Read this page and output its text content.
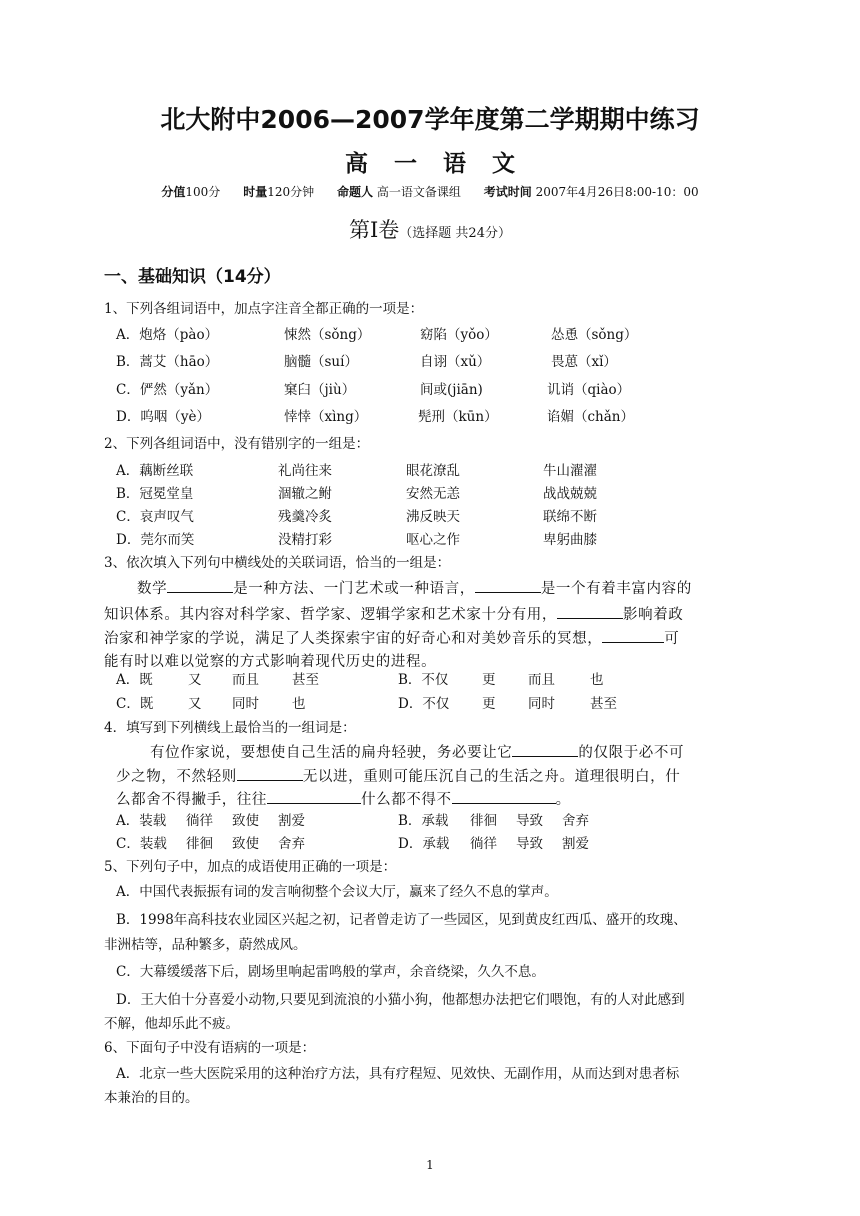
北大附中2006—2007学年度第二学期期中练习
高一语文
分值100分 时量120分钟 命题人 高一语文备课组 考试时间 2007年4月26日8:00-10：00
第Ⅰ卷（选择题 共24分）
一、基础知识（14分）
1、下列各组词语中，加点字注音全都正确的一项是：
A．炮烙（pào）	悚然（sǒng）	窈陷（yǒo）	怂恿（sǒng）
B．蒿艾（hāo）	脑髓（suí）	自诩（xǔ）	畏葸（xǐ）
C．俨然（yǎn）	窠臼（jiù）	间或(jiān)	讥诮（qiào）
D．呜咽（yè）	悻悻（xìng）	髡刑（kūn）	谄媚（chǎn）
2、下列各组词语中，没有错别字的一组是：
A．藕断丝联	礼尚往来	眼花潦乱	牛山濯濯
B．冠冕堂皇	涸辙之鲋	安然无恙	战战兢兢
C．哀声叹气	残羹冷炙	沸反映天	联绵不断
D．莞尔而笑	没精打彩	呕心之作	卑躬曲膝
3、依次填入下列句中横线处的关联词语，恰当的一组是：
数学	是一种方法、一门艺术或一种语言，	是一个有着丰富内容的
知识体系。其内容对科学家、哲学家、逻辑学家和艺术家十分有用，	影响着政
治家和神学家的学说，满足了人类探索宇宙的好奇心和对美妙音乐的冥想，	可
能有时以难以觉察的方式影响着现代历史的进程。
A．既	又 而且 甚至	B．不仅 更 而且	也
C．既	又 同时 也	D．不仅 更 同时	甚至
4．填写到下列横线上最恰当的一组词是：
有位作家说，要想使自己生活的扁舟轻驶，务必要让它	的仅限于必不可
少之物，不然轻则	无以进，重则可能压沉自己的生活之舟。道理很明白，什
么都舍不得撇手，往往	什么都不得不	。
A．装载 徜徉 致使 割爱	B．承载 徘徊 导致 舍弃
C．装载 徘徊 致使 舍弃	D．承载 徜徉 导致 割爱
5、下列句子中，加点的成语使用正确的一项是：
A．中国代表振振有词的发言响彻整个会议大厅，赢来了经久不息的掌声。
B．1998年高科技农业园区兴起之初，记者曾走访了一些园区，见到黄皮红西瓜、盛开的玫瑰、
非洲桔等，品种繁多，蔚然成风。
C．大幕缓缓落下后，剧场里响起雷鸣般的掌声，余音绕梁，久久不息。
D．王大伯十分喜爱小动物,只要见到流浪的小猫小狗，他都想办法把它们喂饱，有的人对此感到
不解，他却乐此不疲。
6、下面句子中没有语病的一项是：
A．北京一些大医院采用的这种治疗方法，具有疗程短、见效快、无副作用，从而达到对患者标
本兼治的目的。
1
